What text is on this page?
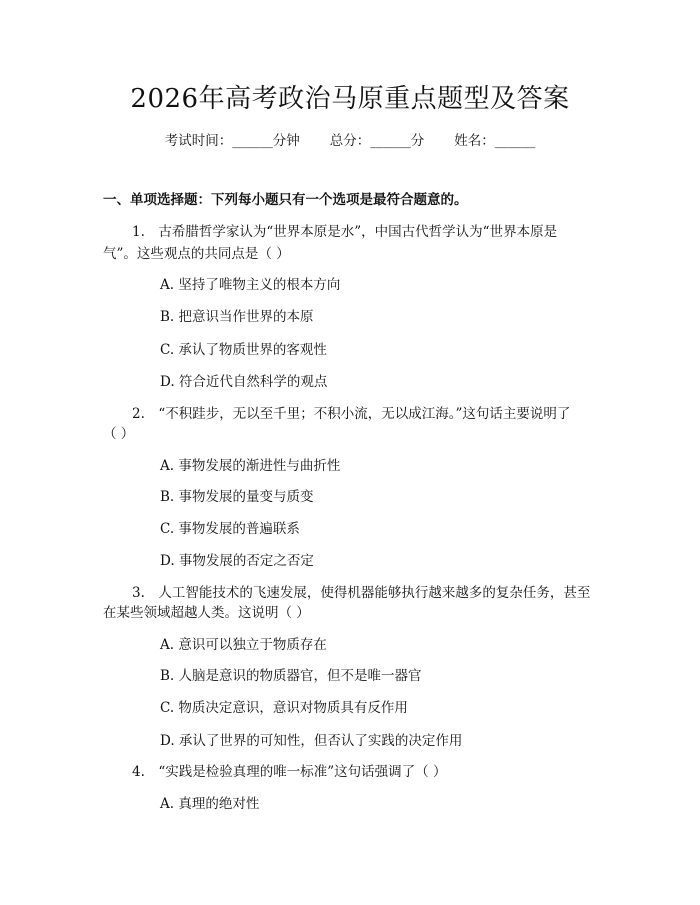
2026年高考政治马原重点题型及答案
考试时间：______分钟 总分：______分 姓名：______
一、单项选择题：下列每小题只有一个选项是最符合题意的。
1.　古希腊哲学家认为“世界本原是水”，中国古代哲学认为“世界本原是
气”。这些观点的共同点是（ ）
A. 坚持了唯物主义的根本方向
B. 把意识当作世界的本原
C. 承认了物质世界的客观性
D. 符合近代自然科学的观点
2.　“不积跬步，无以至千里；不积小流，无以成江海。”这句话主要说明了
（ ）
A. 事物发展的渐进性与曲折性
B. 事物发展的量变与质变
C. 事物发展的普遍联系
D. 事物发展的否定之否定
3.　人工智能技术的飞速发展，使得机器能够执行越来越多的复杂任务，甚至
在某些领域超越人类。这说明（ ）
A. 意识可以独立于物质存在
B. 人脑是意识的物质器官，但不是唯一器官
C. 物质决定意识，意识对物质具有反作用
D. 承认了世界的可知性，但否认了实践的决定作用
4.　“实践是检验真理的唯一标准”这句话强调了（ ）
A. 真理的绝对性
